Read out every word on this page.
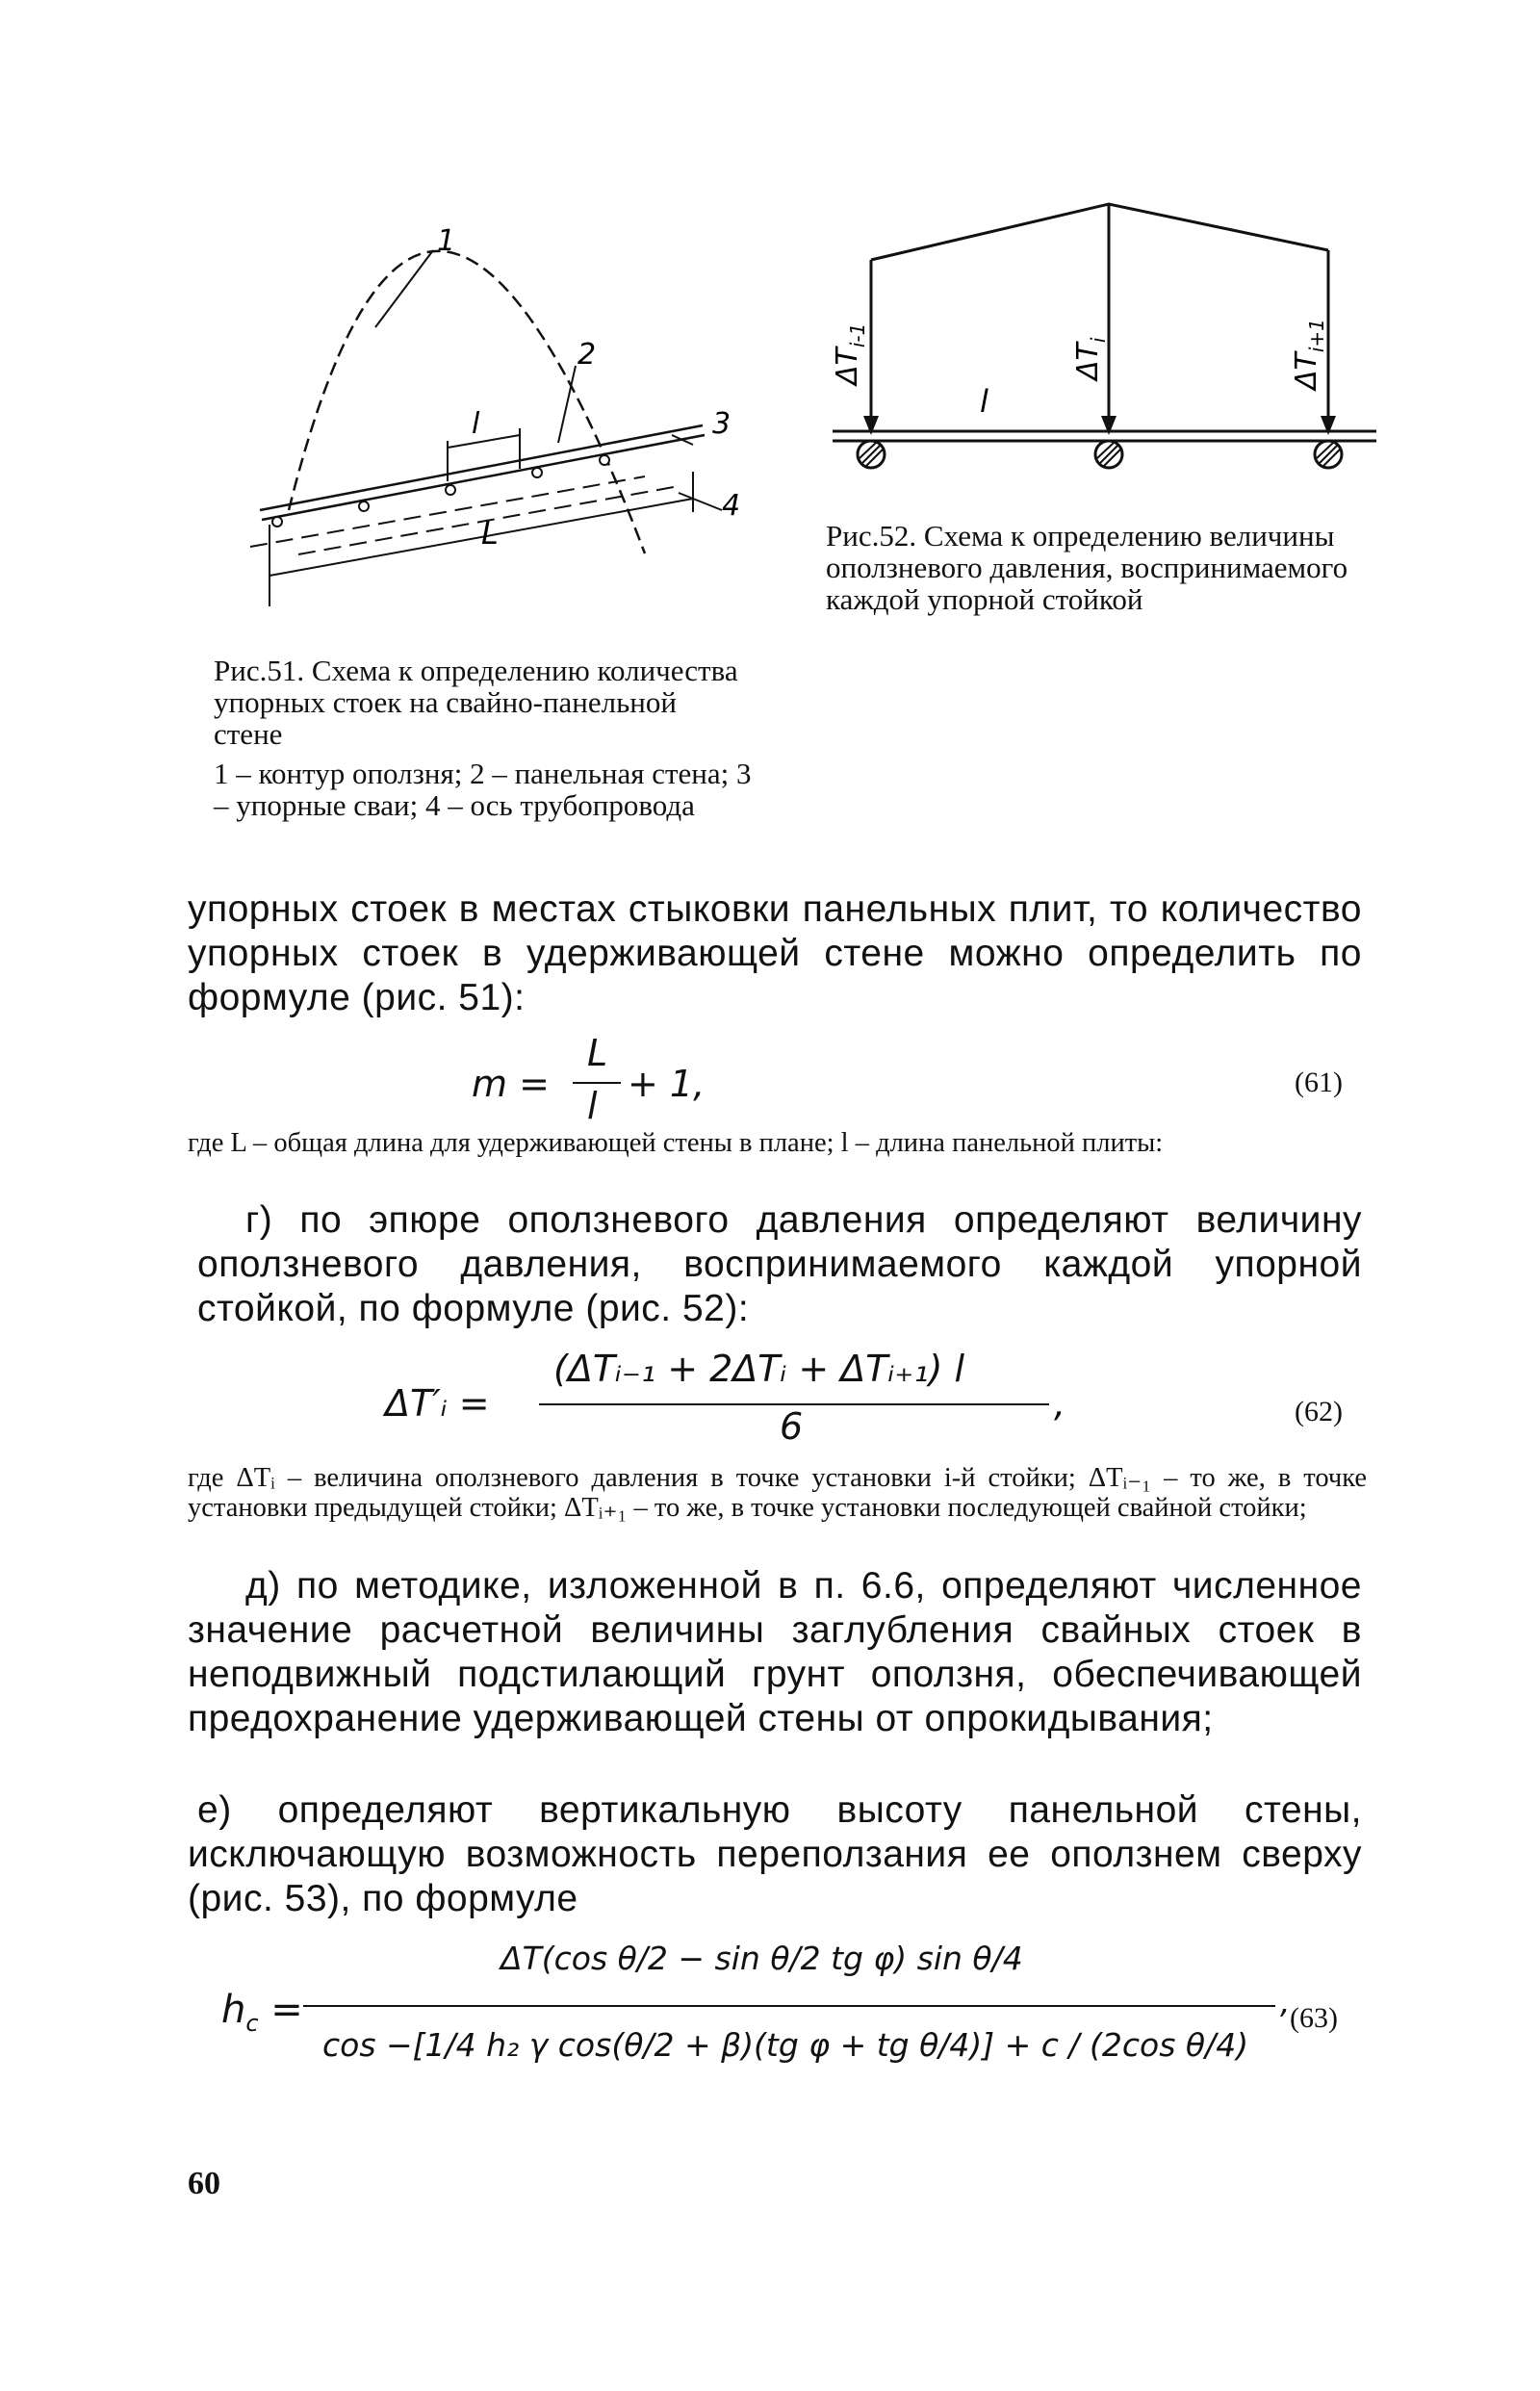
1
2
3
4
l
L
Рис.51. Схема к определению количества упорных стоек на свайно-панельной стене
1 – контур оползня; 2 – панельная стена; 3 – упорные сваи; 4 – ось трубопровода
$\Delta T_{i-1}$
$\Delta T_i$
$\Delta T_{i+1}$
l
Рис.52. Схема к определению величины оползневого давления, воспринимаемого каждой упорной стойкой
упорных стоек в местах стыковки панельных плит, то количество упорных стоек в удерживающей стене можно определить по формуле (рис. 51):
m =
L
l
+ 1,	(61)
где L – общая длина для удерживающей стены в плане; l – длина панельной плиты:
г) по эпюре оползневого давления определяют величину оползневого давления, воспринимаемого каждой упорной стойкой, по формуле (рис. 52):
ΔT′ᵢ =
(ΔTᵢ₋₁ + 2ΔTᵢ + ΔTᵢ₊₁) l
6
,	(62)
где ΔTᵢ – величина оползневого давления в точке установки i-й стойки; ΔTᵢ₋₁ – то же, в точке установки предыдущей стойки; ΔTᵢ₊₁ – то же, в точке установки последующей свайной стойки;
д) по методике, изложенной в п. 6.6, определяют численное значение расчетной величины заглубления свайных стоек в неподвижный подстилающий грунт оползня, обеспечивающей предохранение удерживающей стены от опрокидывания;
е) определяют вертикальную высоту панельной стены, исключающую возможность переползания ее оползнем сверху (рис. 53), по формуле
$h_c$ =
ΔT(cos θ/2 − sin θ/2 tg φ) sin θ/4
cos −[1/4 h₂ γ cos(θ/2 + β)(tg φ + tg θ/4)] + c / (2cos θ/4)
, (63)
60
